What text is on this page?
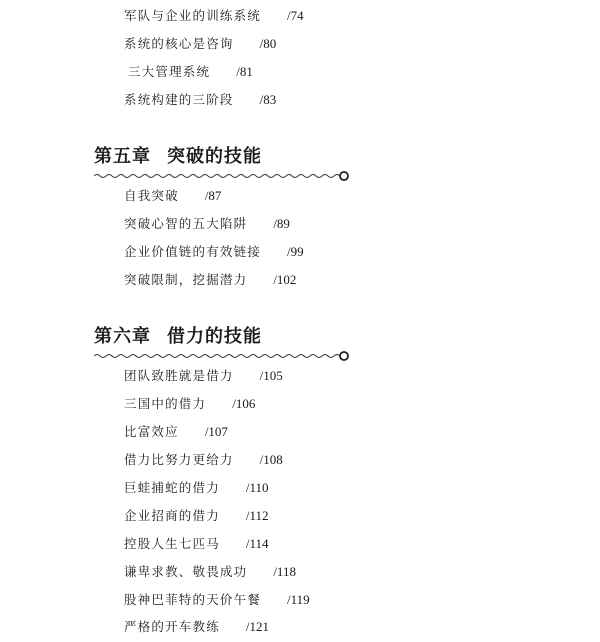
军队与企业的训练系统 /74
系统的核心是咨询 /80
三大管理系统 /81
系统构建的三阶段 /83
第五章 突破的技能
自我突破 /87
突破心智的五大陷阱 /89
企业价值链的有效链接 /99
突破限制，挖掘潜力 /102
第六章 借力的技能
团队致胜就是借力 /105
三国中的借力 /106
比富效应 /107
借力比努力更给力 /108
巨蛙捕蛇的借力 /110
企业招商的借力 /112
控股人生七匹马 /114
谦卑求教、敬畏成功 /118
股神巴菲特的天价午餐 /119
严格的开车教练 /121
